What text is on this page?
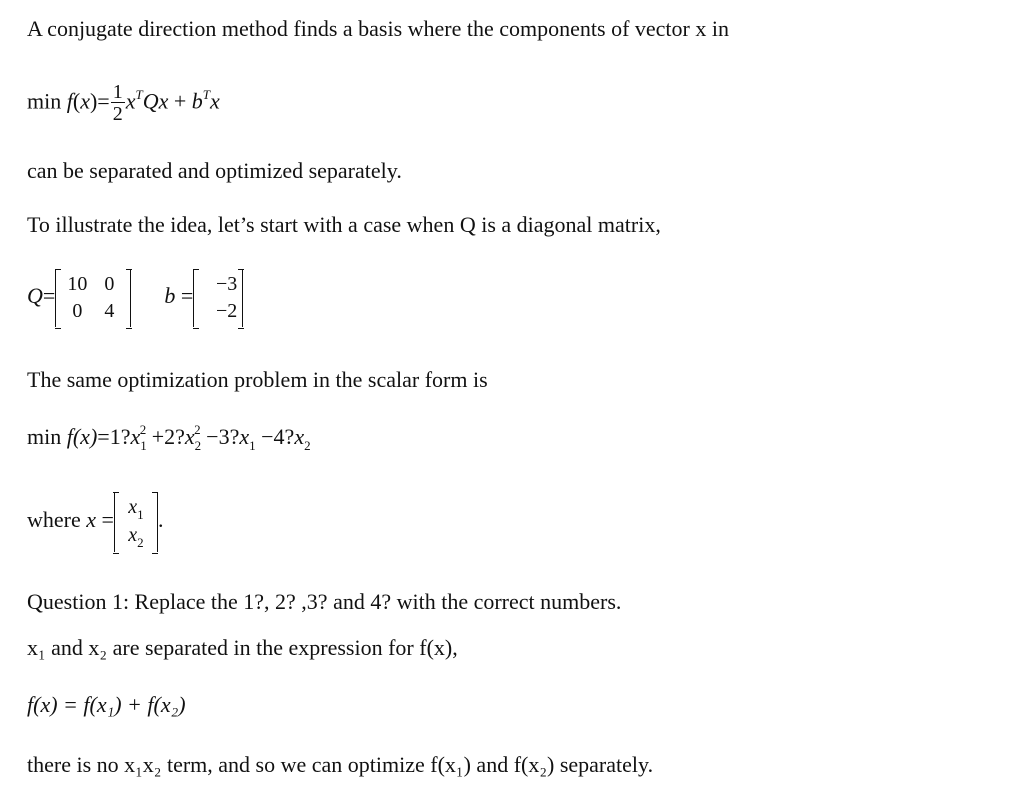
A conjugate direction method finds a basis where the components of vector x in
$\min f(x)= \frac{1}{2} x^TQx + b^Tx$
can be separated and optimized separately.
To illustrate the idea, let’s start with a case when Q is a diagonal matrix,
Q= 10 0
0	4
b =	−3
−2
The same optimization problem in the scalar form is
$\min f(x)=1?x_1^2$ $+2?x_2^2$ $-3?x_1$ $-4?x_2$
where x =
$x_1$
$x_2$
.
Question 1: Replace the 1?, 2? ,3? and 4? with the correct numbers.
x₁ and x₂ are separated in the expression for f(x),
f(x) = f(x₁) + f(x₂)
there is no x₁x₂ term, and so we can optimize f(x₁) and f(x₂) separately.
